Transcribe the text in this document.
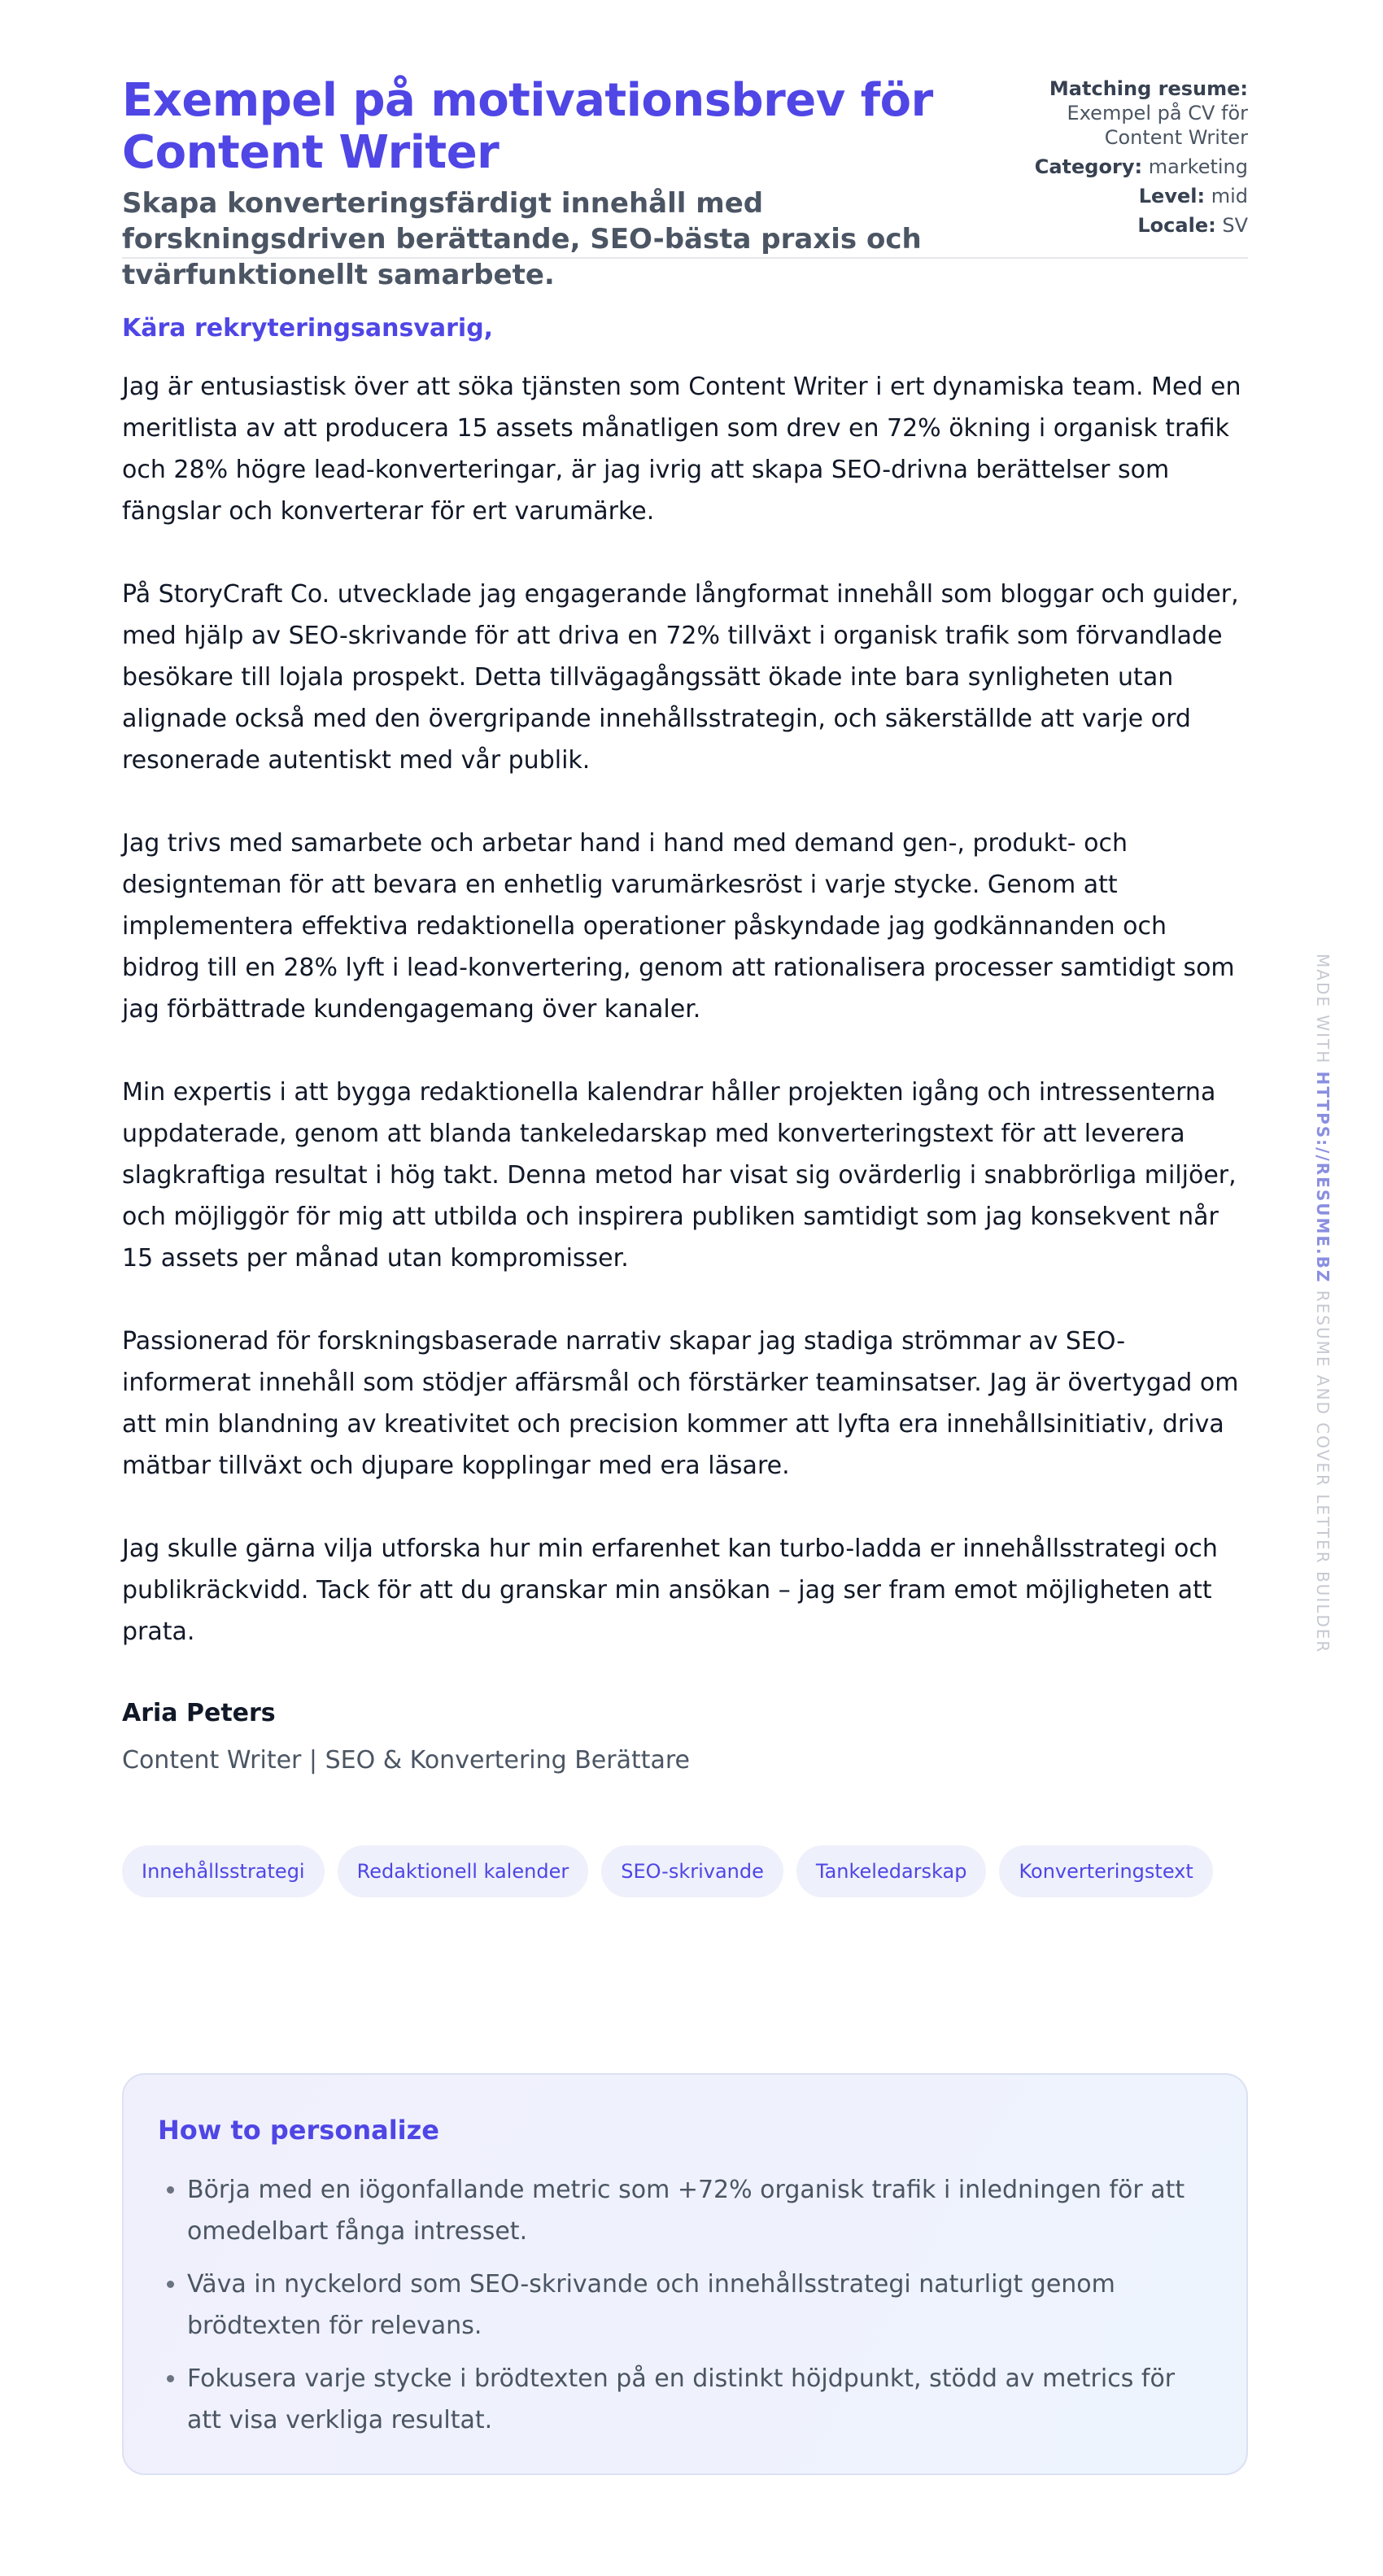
Exempel på motivationsbrev för Content Writer

Skapa konverteringsfärdigt innehåll med forskningsdriven berättande, SEO-bästa praxis och tvärfunktionellt samarbete.

Matching resume:
Exempel på CV för Content Writer
Category: marketing
Level: mid
Locale: SV

Kära rekryteringsansvarig,

Jag är entusiastisk över att söka tjänsten som Content Writer i ert dynamiska team. Med en meritlista av att producera 15 assets månatligen som drev en 72% ökning i organisk trafik och 28% högre lead-konverteringar, är jag ivrig att skapa SEO-drivna berättelser som fängslar och konverterar för ert varumärke.

På StoryCraft Co. utvecklade jag engagerande långformat innehåll som bloggar och guider, med hjälp av SEO-skrivande för att driva en 72% tillväxt i organisk trafik som förvandlade besökare till lojala prospekt. Detta tillvägagångssätt ökade inte bara synligheten utan alignade också med den övergripande innehållsstrategin, och säkerställde att varje ord resonerade autentiskt med vår publik.

Jag trivs med samarbete och arbetar hand i hand med demand gen-, produkt- och designteman för att bevara en enhetlig varumärkesröst i varje stycke. Genom att implementera effektiva redaktionella operationer påskyndade jag godkännanden och bidrog till en 28% lyft i lead-konvertering, genom att rationalisera processer samtidigt som jag förbättrade kundengagemang över kanaler.

Min expertis i att bygga redaktionella kalendrar håller projekten igång och intressenterna uppdaterade, genom att blanda tankeledarskap med konverteringstext för att leverera slagkraftiga resultat i hög takt. Denna metod har visat sig ovärderlig i snabbrörliga miljöer, och möjliggör för mig att utbilda och inspirera publiken samtidigt som jag konsekvent når 15 assets per månad utan kompromisser.

Passionerad för forskningsbaserade narrativ skapar jag stadiga strömmar av SEO-informerat innehåll som stödjer affärsmål och förstärker teaminsatser. Jag är övertygad om att min blandning av kreativitet och precision kommer att lyfta era innehållsinitiativ, driva mätbar tillväxt och djupare kopplingar med era läsare.

Jag skulle gärna vilja utforska hur min erfarenhet kan turbo-ladda er innehållsstrategi och publikräckvidd. Tack för att du granskar min ansökan – jag ser fram emot möjligheten att prata.

Aria Peters

Content Writer | SEO & Konvertering Berättare

Innehållsstrategi	Redaktionell kalender	SEO-skrivande	Tankeledarskap	Konverteringstext
How to personalize
• Börja med en iögonfallande metric som +72% organisk trafik i inledningen för att omedelbart fånga intresset.
• Väva in nyckelord som SEO-skrivande och innehållsstrategi naturligt genom brödtexten för relevans.
• Fokusera varje stycke i brödtexten på en distinkt höjdpunkt, stödd av metrics för att visa verkliga resultat.
MADE WITH HTTPS://RESUME.BZ RESUME AND COVER LETTER BUILDER
